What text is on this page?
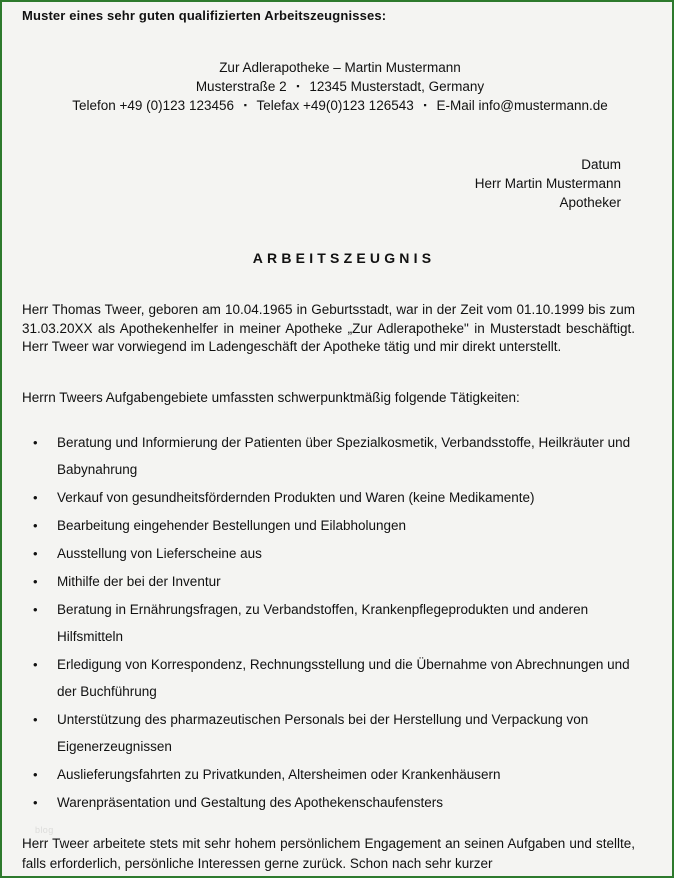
Muster eines sehr guten qualifizierten Arbeitszeugnisses:
Zur Adlerapotheke – Martin Mustermann
Musterstraße 2 ▪ 12345 Musterstadt, Germany
Telefon +49 (0)123 123456 ▪ Telefax +49(0)123 126543 ▪ E-Mail info@mustermann.de
Datum
Herr Martin Mustermann
Apotheker
ARBEITSZEUGNIS

Herr Thomas Tweer, geboren am 10.04.1965 in Geburtsstadt, war in der Zeit vom 01.10.1999 bis zum 31.03.20XX als Apothekenhelfer in meiner Apotheke „Zur Adlerapotheke" in Musterstadt beschäftigt. Herr Tweer war vorwiegend im Ladengeschäft der Apotheke tätig und mir direkt unterstellt.

Herrn Tweers Aufgabengebiete umfassten schwerpunktmäßig folgende Tätigkeiten:

• Beratung und Informierung der Patienten über Spezialkosmetik, Verbandsstoffe, Heilkräuter und Babynahrung
• Verkauf von gesundheitsfördernden Produkten und Waren (keine Medikamente)
• Bearbeitung eingehender Bestellungen und Eilabholungen
• Ausstellung von Lieferscheine aus
• Mithilfe der bei der Inventur
• Beratung in Ernährungsfragen, zu Verbandstoffen, Krankenpflegeprodukten und anderen Hilfsmitteln
• Erledigung von Korrespondenz, Rechnungsstellung und die Übernahme von Abrechnungen und der Buchführung
• Unterstützung des pharmazeutischen Personals bei der Herstellung und Verpackung von Eigenerzeugnissen
• Auslieferungsfahrten zu Privatkunden, Altersheimen oder Krankenhäusern
• Warenpräsentation und Gestaltung des Apothekenschaufensters

Herr Tweer arbeitete stets mit sehr hohem persönlichem Engagement an seinen Aufgaben und stellte, falls erforderlich, persönliche Interessen gerne zurück. Schon nach sehr kurzer

blog
